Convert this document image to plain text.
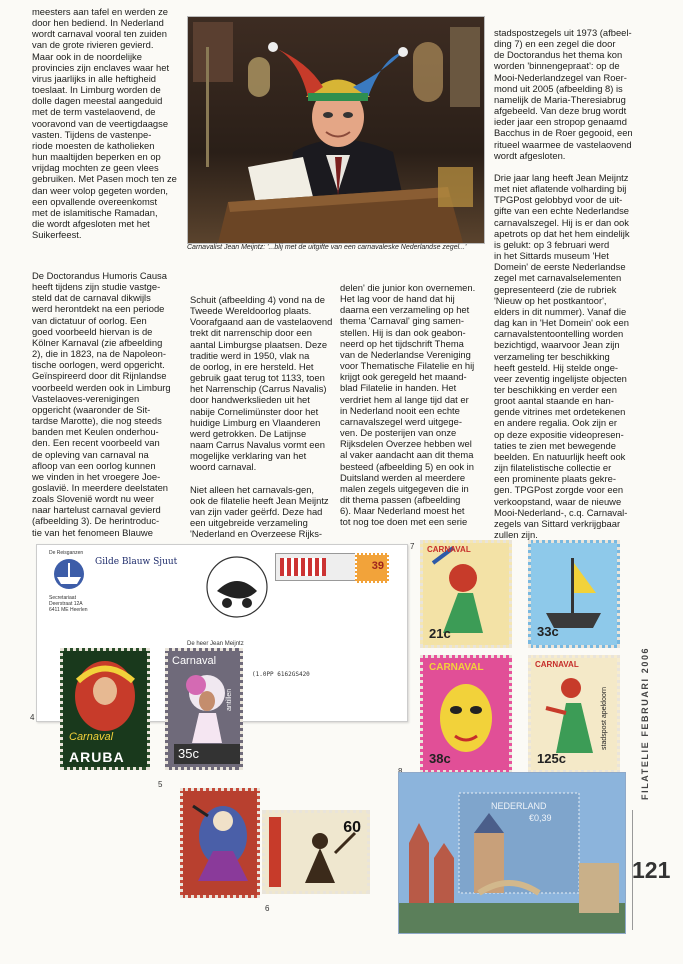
meesters aan tafel en werden ze
door hen bediend. In Nederland
wordt carnaval vooral ten zuiden
van de grote rivieren gevierd.
Maar ook in de noordelijke
provincies zijn enclaves waar het
virus jaarlijks in alle heftigheid
toeslaat. In Limburg worden de
dolle dagen meestal aangeduid
met de term vastelaovend, de
vooravond van de veertigdaagse
vasten. Tijdens de vastenpe-
riode moesten de katholieken
hun maaltijden beperken en op
vrijdag mochten ze geen vlees
gebruiken. Met Pasen moch ten ze
dan weer volop gegeten worden,
een opvallende overeenkomst
met de islamitische Ramadan,
die wordt afgesloten met het
Suikerfeest.

Carnavalist Jean Meijntz: '...blij met de uitgifte van een carnavaleske Nederlandse zegel...'

stadspostzegels uit 1973 (afbeel-
ding 7) en een zegel die door
de Doctorandus het thema kon
worden 'binnengepraat': op de
Mooi-Nederlandzegel van Roer-
mond uit 2005 (afbeelding 8) is
namelijk de Maria-Theresiabrug
afgebeeld. Van deze brug wordt
ieder jaar een stropop genaamd
Bacchus in de Roer gegooid, een
ritueel waarmee de vastelaovend
wordt afgesloten.

Drie jaar lang heeft Jean Meijntz
met niet aflatende volharding bij
TPGPost gelobbyd voor de uit-
gifte van een echte Nederlandse
carnavalszegel. Hij is er dan ook
apetrots op dat het hem eindelijk
is gelukt: op 3 februari werd
in het Sittards museum 'Het
Domein' de eerste Nederlandse
zegel met carnavalselementen
gepresenteerd (zie de rubriek
'Nieuw op het postkantoor',
elders in dit nummer). Vanaf die
dag kan in 'Het Domein' ook een
carnavalstentoontelling worden
bezichtigd, waarvoor Jean zijn
verzameling ter beschikking
heeft gesteld. Hij stelde onge-
veer zeventig ingelijste objecten
ter beschikking en verder een
groot aantal staande en han-
gende vitrines met ordetekenen
en andere regalia. Ook zijn er
op deze expositie videopresen-
taties te zien met bewegende
beelden. En natuurlijk heeft ook
zijn filatelistische collectie er
een prominente plaats gekre-
gen. TPGPost zorgde voor een
verkoopstand, waar de nieuwe
Mooi-Nederland-, c.q. Carnaval-
zegels van Sittard verkrijgbaar
zullen zijn.

De Doctorandus Humoris Causa
heeft tijdens zijn studie vastge-
steld dat de carnaval dikwijls
werd herontdekt na een periode
van dictatuur of oorlog. Een
goed voorbeeld hiervan is de
Kölner Karnaval (zie afbeelding
2), die in 1823, na de Napoleon-
tische oorlogen, werd opgericht.
Geïnspireerd door dit Rijnlandse
voorbeeld werden ook in Limburg
Vastelaoves-verenigingen
opgericht (waaronder de Sit-
tardse Marotte), die nog steeds
banden met Keulen onderhou-
den. Een recent voorbeeld van
de opleving van carnaval na
afloop van een oorlog kunnen
we vinden in het vroegere Joe-
goslavië. In meerdere deelstaten
zoals Slovenië wordt nu weer
naar hartelust carnaval gevierd
(afbeelding 3). De herintroduc-
tie van het fenomeen Blauwe

Schuit (afbeelding 4) vond na de
Tweede Wereldoorlog plaats.
Voorafgaand aan de vastelaovend
trekt dit narrenschip door een
aantal Limburgse plaatsen. Deze
traditie werd in 1950, vlak na
de oorlog, in ere hersteld. Het
gebruik gaat terug tot 1133, toen
het Narrenschip (Carrus Navalis)
door handwerkslieden uit het
nabije Cornelimünster door het
huidige Limburg en Vlaanderen
werd getrokken. De Latijnse
naam Carrus Navalus vormt een
mogelijke verklaring van het
woord carnaval.

Niet alleen het carnavals-gen,
ook de filatelie heeft Jean Meijntz
van zijn vader geërfd. Deze had
een uitgebreide verzameling
'Nederland en Overzeese Rijks-

delen' die junior kon overnemen.
Het lag voor de hand dat hij
daarna een verzameling op het
thema 'Carnaval' ging samen-
stellen. Hij is dan ook geabon-
neerd op het tijdschrift Thema
van de Nederlandse Vereniging
voor Thematische Filatelie en hij
krijgt ook geregeld het maand-
blad Filatelie in handen. Het
verdriet hem al lange tijd dat er
in Nederland nooit een echte
carnavalszegel werd uitgege-
ven. De posterijen van onze
Rijksdelen Overzee hebben wel
al vaker aandacht aan dit thema
besteed (afbeelding 5) en ook in
Duitsland werden al meerdere
malen zegels uitgegeven die in
dit thema passen (afbeelding
6). Maar Nederland moest het
tot nog toe doen met een serie

De Reisganzen
Gilde Blauw Sjuut
Secretariaat
Deerstraat 12A
6411 ME Heerlen
39
De heer Jean Meijntz
(1.0PP 6162GS420
Carnaval
ARUBA
Carnaval
35c
antillen
4
5
60
6
7 CARNAVAL
21c	33c
CARNAVAL
38c
CARNAVAL
125c
stadspost apeldoorn
NEDERLAND
€0,39
FILATELIE FEBRUARI 2006
121
